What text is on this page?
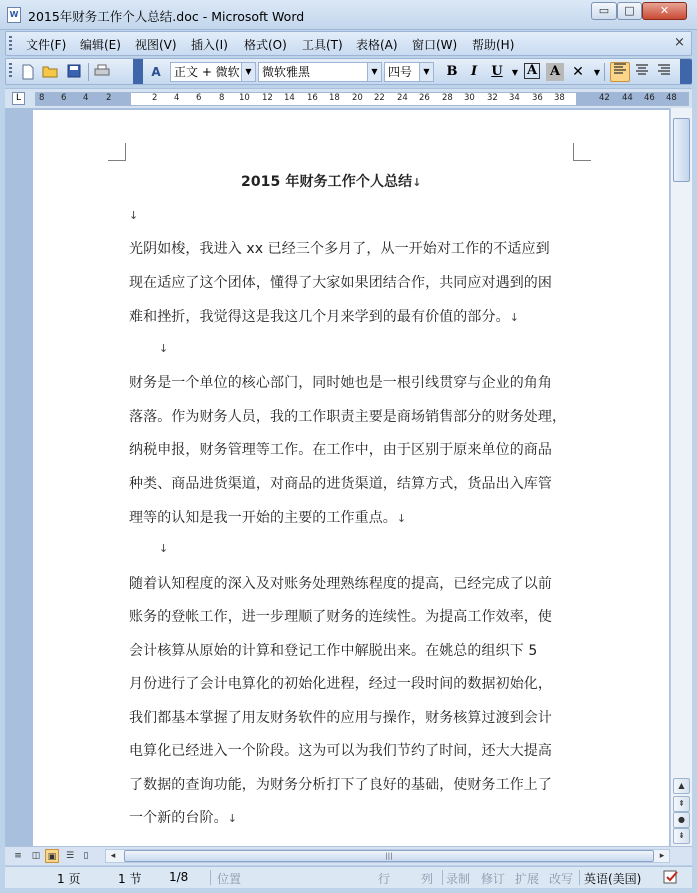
W 2015年财务工作个人总结.doc - Microsoft Word	▭	□	✕
文件(F) 编辑(E) 视图(V) 插入(I) 格式(O) 工具(T) 表格(A) 窗口(W) 帮助(H)	×
A	正文 + 微软 ▼ 微软雅黑	▼ 四号	▼ B	I	U	▼ A A ✕	▼
L	8 6 4 2	2 4 6 8 10 12 14 16 18 20 22 24 26 28 30 32 34 36 38	42 44 46 48
2015 年财务工作个人总结↓
↓
光阴如梭，我进入 xx 已经三个多月了，从一开始对工作的不适应到
现在适应了这个团体，懂得了大家如果团结合作，共同应对遇到的困
难和挫折，我觉得这是我这几个月来学到的最有价值的部分。↓
↓
财务是一个单位的核心部门，同时她也是一根引线贯穿与企业的角角
落落。作为财务人员，我的工作职责主要是商场销售部分的财务处理，
纳税申报，财务管理等工作。在工作中，由于区别于原来单位的商品
种类、商品进货渠道，对商品的进货渠道，结算方式，货品出入库管
理等的认知是我一开始的主要的工作重点。↓
↓
随着认知程度的深入及对账务处理熟练程度的提高，已经完成了以前
账务的登帐工作，进一步理顺了财务的连续性。为提高工作效率，使
会计核算从原始的计算和登记工作中解脱出来。在姚总的组织下 5
月份进行了会计电算化的初始化进程，经过一段时间的数据初始化，
我们都基本掌握了用友财务软件的应用与操作，财务核算过渡到会计
电算化已经进入一个阶段。这为可以为我们节约了时间，还大大提高
了数据的查询功能，为财务分析打下了良好的基础，使财务工作上了
一个新的台阶。↓
▲
⇞
●
⇟
≡	◫ ▣	☰	▯	◂	|||	▸
1 页	1 节 1/8 位置	行	列 录制 修订 扩展 改写 英语(美国)
